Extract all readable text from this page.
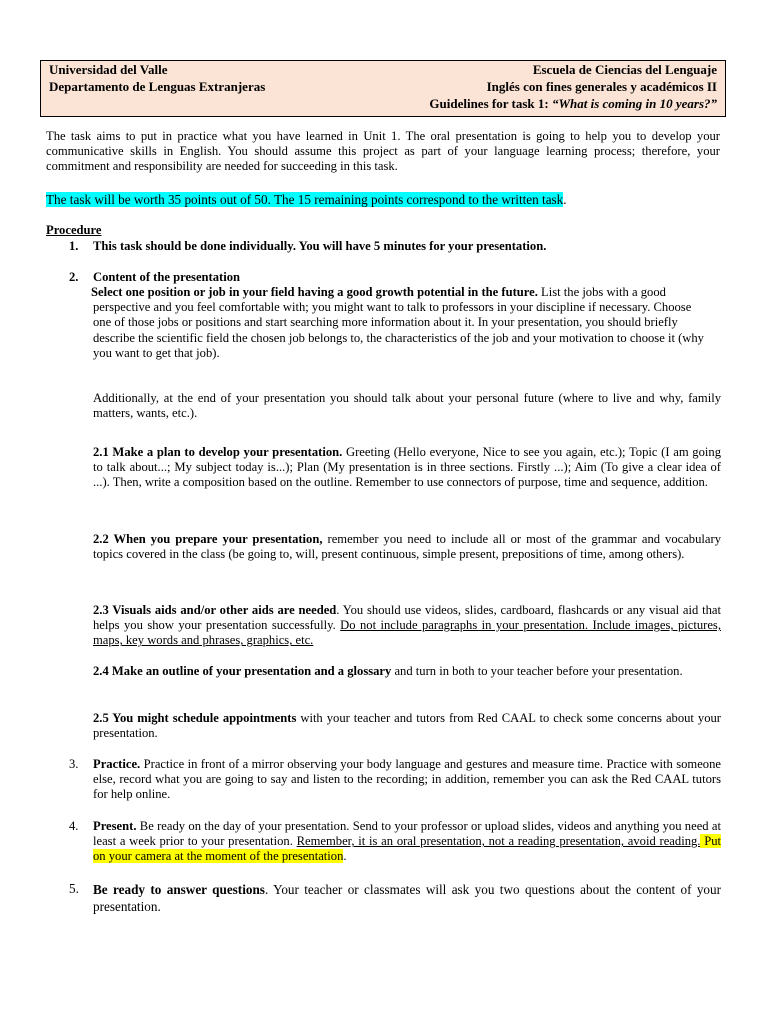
Universidad del Valle	Escuela de Ciencias del Lenguaje
Departamento de Lenguas Extranjeras	Inglés con fines generales y académicos II
Guidelines for task 1: “What is coming in 10 years?”
The task aims to put in practice what you have learned in Unit 1. The oral presentation is going to help you to develop your communicative skills in English. You should assume this project as part of your language learning process; therefore, your commitment and responsibility are needed for succeeding in this task.
The task will be worth 35 points out of 50. The 15 remaining points correspond to the written task.
Procedure
1. This task should be done individually. You will have 5 minutes for your presentation.
2. Content of the presentation
Select one position or job in your field having a good growth potential in the future. List the jobs with a good perspective and you feel comfortable with; you might want to talk to professors in your discipline if necessary. Choose one of those jobs or positions and start searching more information about it. In your presentation, you should briefly describe the scientific field the chosen job belongs to, the characteristics of the job and your motivation to choose it (why you want to get that job).
Additionally, at the end of your presentation you should talk about your personal future (where to live and why, family matters, wants, etc.).
2.1 Make a plan to develop your presentation. Greeting (Hello everyone, Nice to see you again, etc.); Topic (I am going to talk about...; My subject today is...); Plan (My presentation is in three sections. Firstly ...); Aim (To give a clear idea of ...). Then, write a composition based on the outline. Remember to use connectors of purpose, time and sequence, addition.
2.2 When you prepare your presentation, remember you need to include all or most of the grammar and vocabulary topics covered in the class (be going to, will, present continuous, simple present, prepositions of time, among others).
2.3 Visuals aids and/or other aids are needed. You should use videos, slides, cardboard, flashcards or any visual aid that helps you show your presentation successfully. Do not include paragraphs in your presentation. Include images, pictures, maps, key words and phrases, graphics, etc.
2.4 Make an outline of your presentation and a glossary and turn in both to your teacher before your presentation.
2.5 You might schedule appointments with your teacher and tutors from Red CAAL to check some concerns about your presentation.
3. Practice. Practice in front of a mirror observing your body language and gestures and measure time. Practice with someone else, record what you are going to say and listen to the recording; in addition, remember you can ask the Red CAAL tutors for help online.
4. Present. Be ready on the day of your presentation. Send to your professor or upload slides, videos and anything you need at least a week prior to your presentation. Remember, it is an oral presentation, not a reading presentation, avoid reading. Put on your camera at the moment of the presentation.
5. Be ready to answer questions. Your teacher or classmates will ask you two questions about the content of your presentation.
